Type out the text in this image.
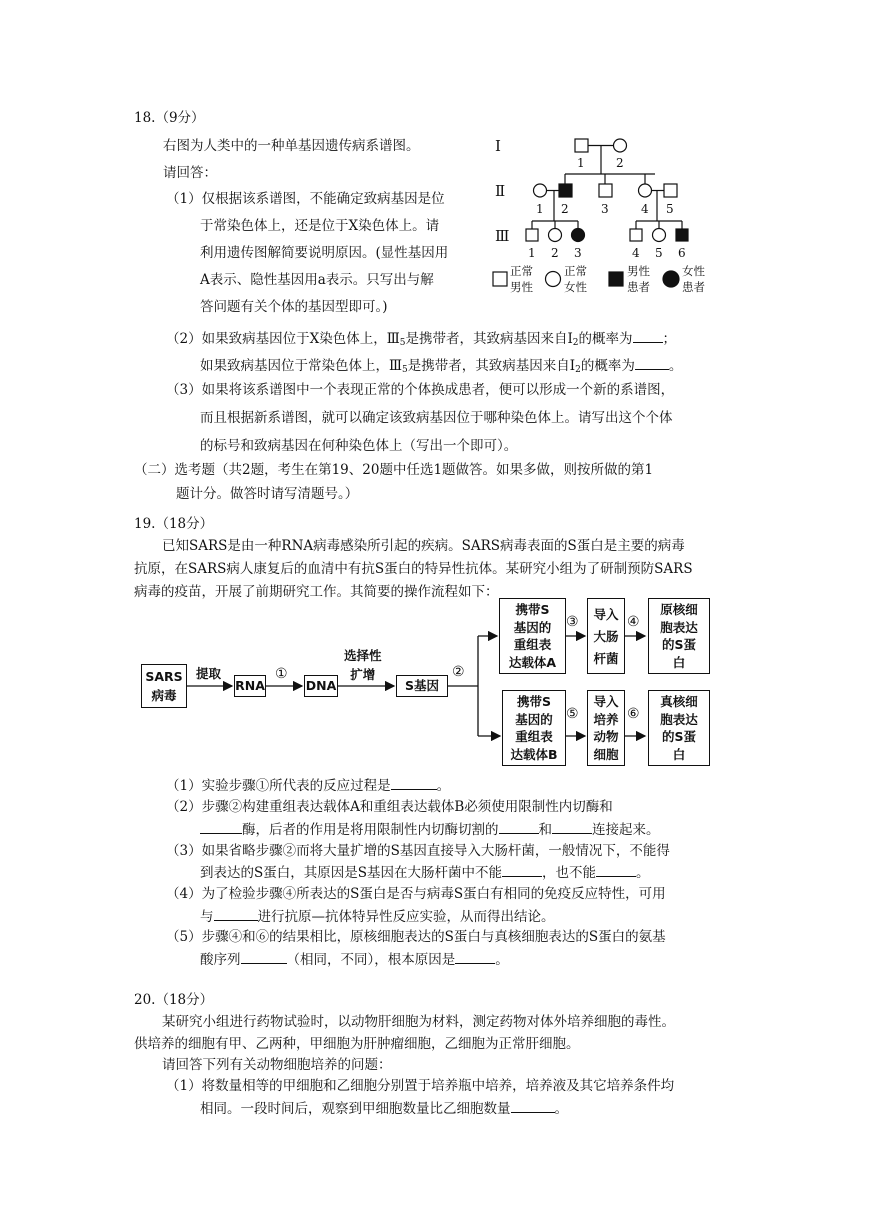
18.（9分）
右图为人类中的一种单基因遗传病系谱图。
请回答：
（1）仅根据该系谱图，不能确定致病基因是位
于常染色体上，还是位于X染色体上。请
利用遗传图解简要说明原因。(显性基因用
A表示、隐性基因用a表示。只写出与解
答问题有关个体的基因型即可。)
（2）如果致病基因位于X染色体上，$Ⅲ_5$是携带者，其致病基因来自$Ⅰ_2$的概率为 ；
如果致病基因位于常染色体上，$Ⅲ_5$是携带者，其致病基因来自$Ⅰ_2$的概率为	。
（3）如果将该系谱图中一个表现正常的个体换成患者，便可以形成一个新的系谱图，
而且根据新系谱图，就可以确定该致病基因位于哪种染色体上。请写出这个个体
的标号和致病基因在何种染色体上（写出一个即可）。
Ⅰ
Ⅱ
Ⅲ
1	2
1 2	3	4 5
1 2 3	4 5 6
正常
男性
正常
女性
男性
患者
女性
患者
（二）选考题（共2题，考生在第19、20题中任选1题做答。如果多做，则按所做的第1
题计分。做答时请写清题号。）
19.（18分）
已知SARS是由一种RNA病毒感染所引起的疾病。SARS病毒表面的S蛋白是主要的病毒
抗原，在SARS病人康复后的血清中有抗S蛋白的特异性抗体。某研究小组为了研制预防SARS
病毒的疫苗，开展了前期研究工作。其简要的操作流程如下：
SARS
病毒
提取
RNA
①
DNA
选择性
扩增
S基因
②
携带S
基因的
重组表
达载体A
③	导入
大肠
杆菌
④
原核细
胞表达
的S蛋
白
携带S
基因的
重组表
达载体B
⑤
导入
培养
动物
细胞
⑥
真核细
胞表达
的S蛋
白
（1）实验步骤①所代表的反应过程是	。
（2）步骤②构建重组表达载体A和重组表达载体B必须使用限制性内切酶和
酶，后者的作用是将用限制性内切酶切割的	和	连接起来。
（3）如果省略步骤②而将大量扩增的S基因直接导入大肠杆菌，一般情况下，不能得
到表达的S蛋白，其原因是S基因在大肠杆菌中不能	，也不能	。
（4）为了检验步骤④所表达的S蛋白是否与病毒S蛋白有相同的免疫反应特性，可用
与	进行抗原—抗体特异性反应实验，从而得出结论。
（5）步骤④和⑥的结果相比，原核细胞表达的S蛋白与真核细胞表达的S蛋白的氨基
酸序列	（相同，不同），根本原因是	。
20.（18分）
某研究小组进行药物试验时，以动物肝细胞为材料，测定药物对体外培养细胞的毒性。
供培养的细胞有甲、乙两种，甲细胞为肝肿瘤细胞，乙细胞为正常肝细胞。
请回答下列有关动物细胞培养的问题：
（1）将数量相等的甲细胞和乙细胞分别置于培养瓶中培养，培养液及其它培养条件均
相同。一段时间后，观察到甲细胞数量比乙细胞数量	。
